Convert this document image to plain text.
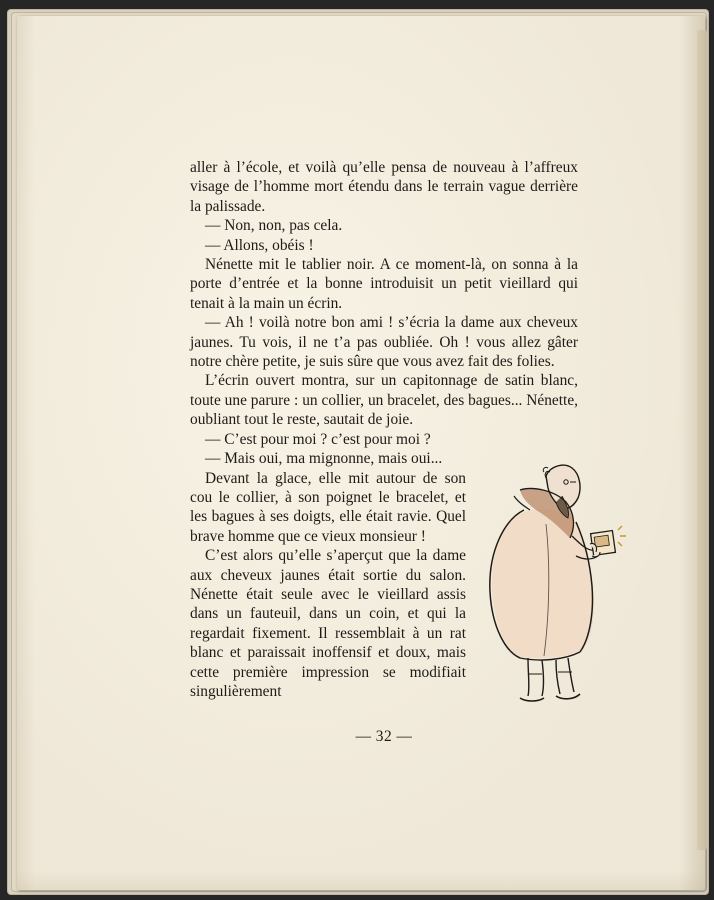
aller à l’école, et voilà qu’elle pensa de nouveau à l’affreux visage de l’homme mort étendu dans le terrain vague derrière la palissade.

— Non, non, pas cela.

— Allons, obéis !

Nénette mit le tablier noir. A ce moment-là, on sonna à la porte d’entrée et la bonne introduisit un petit vieillard qui tenait à la main un écrin.

— Ah ! voilà notre bon ami ! s’écria la dame aux cheveux jaunes. Tu vois, il ne t’a pas oubliée. Oh ! vous allez gâter notre chère petite, je suis sûre que vous avez fait des folies.

L’écrin ouvert montra, sur un capitonnage de satin blanc, toute une parure : un collier, un bracelet, des bagues... Nénette, oubliant tout le reste, sautait de joie.

— C’est pour moi ? c’est pour moi ?

— Mais oui, ma mignonne, mais oui...

Devant la glace, elle mit autour de son cou le collier, à son poignet le bracelet, et les bagues à ses doigts, elle était ravie. Quel brave homme que ce vieux monsieur !

C’est alors qu’elle s’aperçut que la dame aux cheveux jaunes était sortie du salon. Nénette était seule avec le vieillard assis dans un fauteuil, dans un coin, et qui la regardait fixement. Il ressemblait à un rat blanc et paraissait inoffensif et doux, mais cette première impression se modifiait singulièrement

— 32 —
